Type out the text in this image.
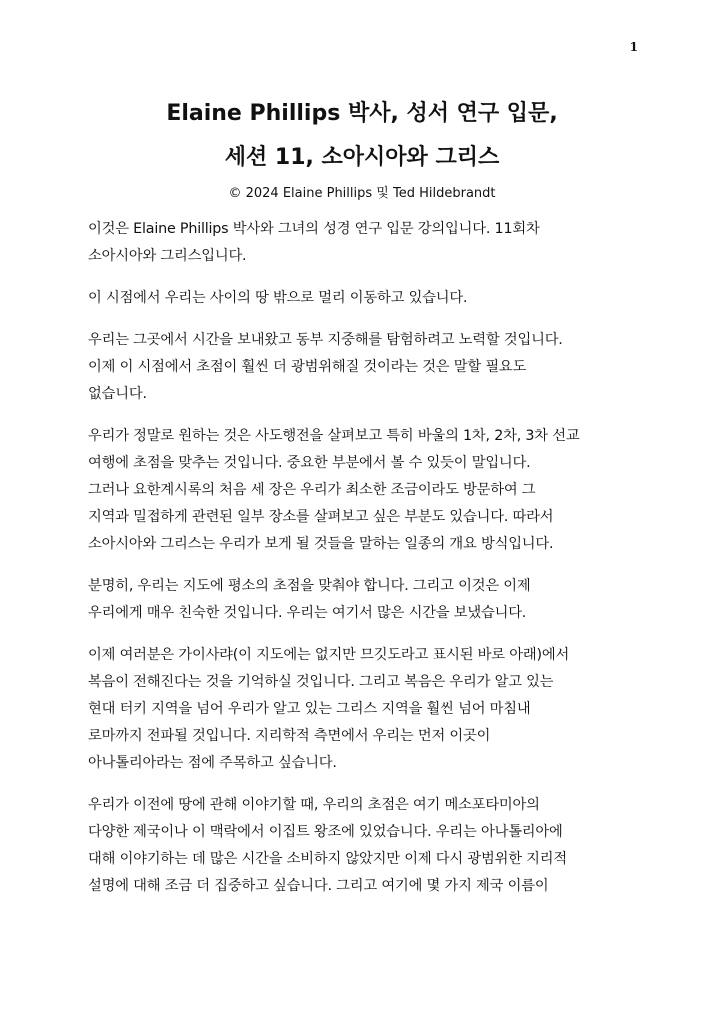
1

Elaine Phillips 박사, 성서 연구 입문,

세션 11, 소아시아와 그리스

© 2024 Elaine Phillips 및 Ted Hildebrandt

이것은 Elaine Phillips 박사와 그녀의 성경 연구 입문 강의입니다. 11회차
소아시아와 그리스입니다.

이 시점에서 우리는 사이의 땅 밖으로 멀리 이동하고 있습니다.

우리는 그곳에서 시간을 보내왔고 동부 지중해를 탐험하려고 노력할 것입니다.
이제 이 시점에서 초점이 훨씬 더 광범위해질 것이라는 것은 말할 필요도
없습니다.

우리가 정말로 원하는 것은 사도행전을 살펴보고 특히 바울의 1차, 2차, 3차 선교
여행에 초점을 맞추는 것입니다. 중요한 부분에서 볼 수 있듯이 말입니다.
그러나 요한계시록의 처음 세 장은 우리가 최소한 조금이라도 방문하여 그
지역과 밀접하게 관련된 일부 장소를 살펴보고 싶은 부분도 있습니다. 따라서
소아시아와 그리스는 우리가 보게 될 것들을 말하는 일종의 개요 방식입니다.

분명히, 우리는 지도에 평소의 초점을 맞춰야 합니다. 그리고 이것은 이제
우리에게 매우 친숙한 것입니다. 우리는 여기서 많은 시간을 보냈습니다.

이제 여러분은 가이사랴(이 지도에는 없지만 므깃도라고 표시된 바로 아래)에서
복음이 전해진다는 것을 기억하실 것입니다. 그리고 복음은 우리가 알고 있는
현대 터키 지역을 넘어 우리가 알고 있는 그리스 지역을 훨씬 넘어 마침내
로마까지 전파될 것입니다. 지리학적 측면에서 우리는 먼저 이곳이
아나톨리아라는 점에 주목하고 싶습니다.

우리가 이전에 땅에 관해 이야기할 때, 우리의 초점은 여기 메소포타미아의
다양한 제국이나 이 맥락에서 이집트 왕조에 있었습니다. 우리는 아나톨리아에
대해 이야기하는 데 많은 시간을 소비하지 않았지만 이제 다시 광범위한 지리적
설명에 대해 조금 더 집중하고 싶습니다. 그리고 여기에 몇 가지 제국 이름이
